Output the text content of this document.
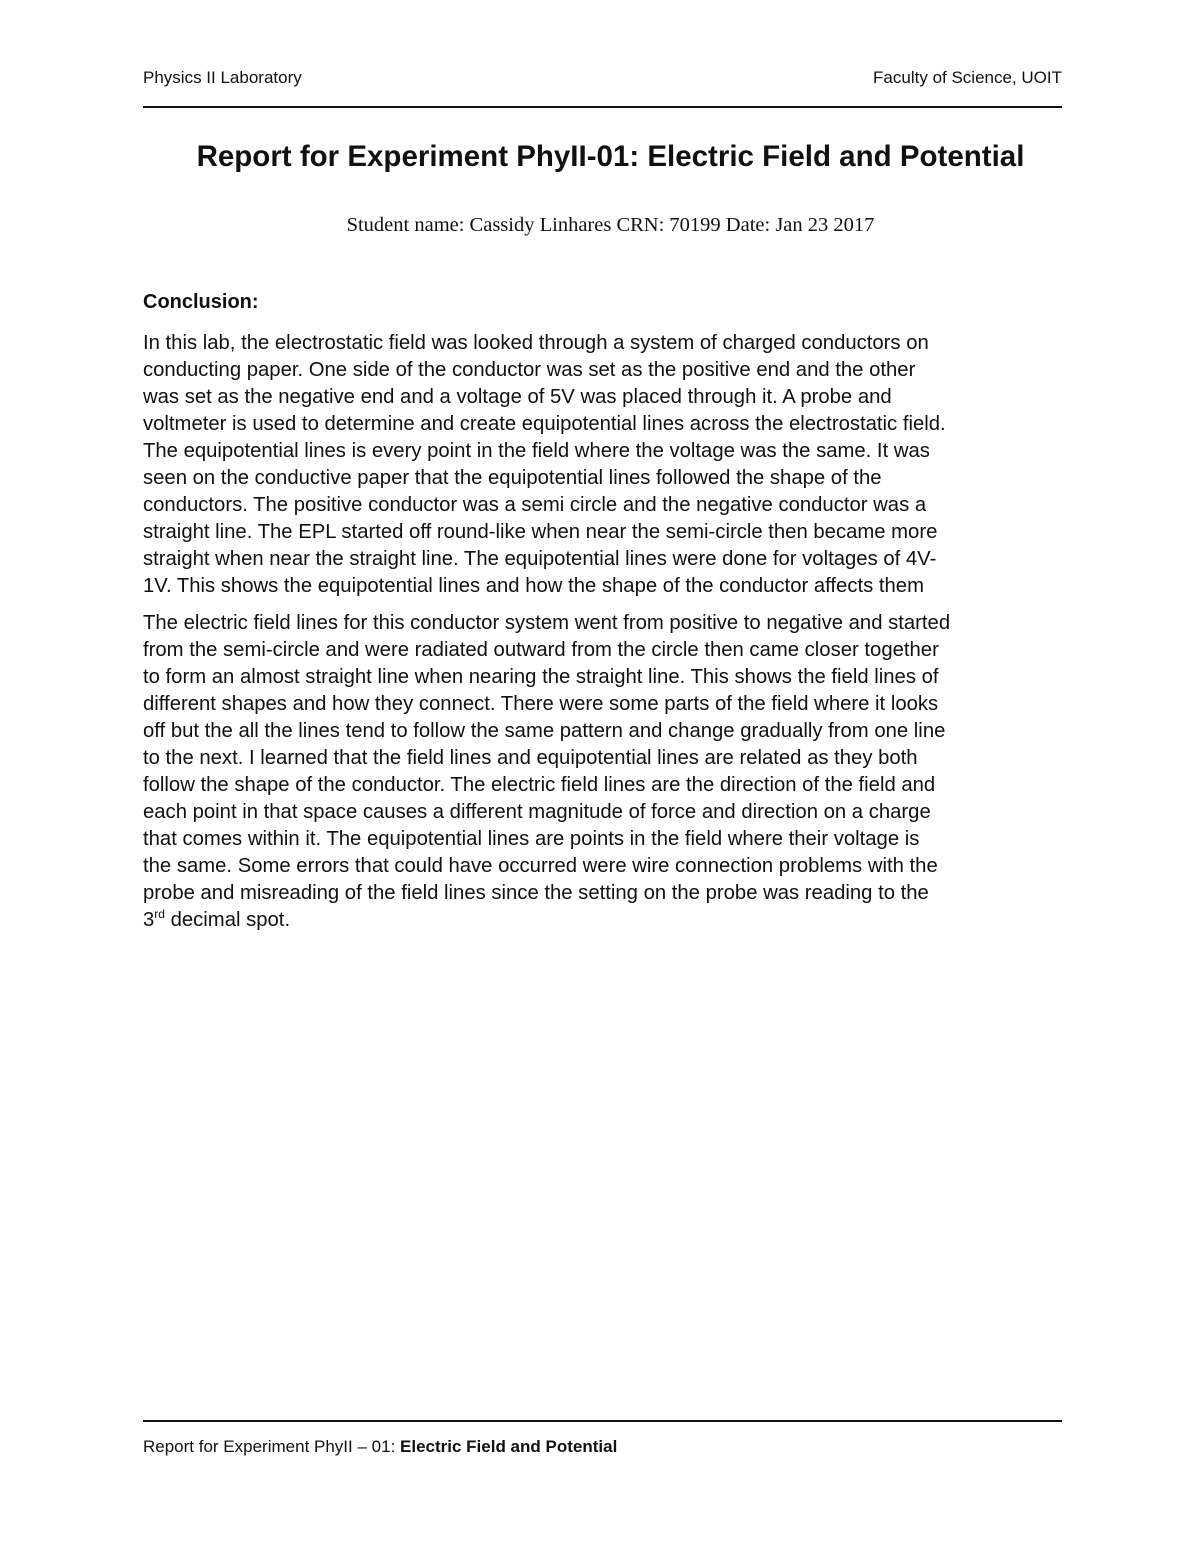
Physics II Laboratory	Faculty of Science, UOIT
Report for Experiment PhyII-01: Electric Field and Potential
Student name: Cassidy Linhares CRN: 70199 Date: Jan 23 2017
Conclusion:

In this lab, the electrostatic field was looked through a system of charged conductors on
conducting paper. One side of the conductor was set as the positive end and the other
was set as the negative end and a voltage of 5V was placed through it. A probe and
voltmeter is used to determine and create equipotential lines across the electrostatic field.
The equipotential lines is every point in the field where the voltage was the same. It was
seen on the conductive paper that the equipotential lines followed the shape of the
conductors. The positive conductor was a semi circle and the negative conductor was a
straight line. The EPL started off round-like when near the semi-circle then became more
straight when near the straight line. The equipotential lines were done for voltages of 4V-
1V. This shows the equipotential lines and how the shape of the conductor affects them

The electric field lines for this conductor system went from positive to negative and started
from the semi-circle and were radiated outward from the circle then came closer together
to form an almost straight line when nearing the straight line. This shows the field lines of
different shapes and how they connect. There were some parts of the field where it looks
off but the all the lines tend to follow the same pattern and change gradually from one line
to the next. I learned that the field lines and equipotential lines are related as they both
follow the shape of the conductor. The electric field lines are the direction of the field and
each point in that space causes a different magnitude of force and direction on a charge
that comes within it. The equipotential lines are points in the field where their voltage is
the same. Some errors that could have occurred were wire connection problems with the
probe and misreading of the field lines since the setting on the probe was reading to the
3rd decimal spot.

Report for Experiment PhyII – 01: Electric Field and Potential
